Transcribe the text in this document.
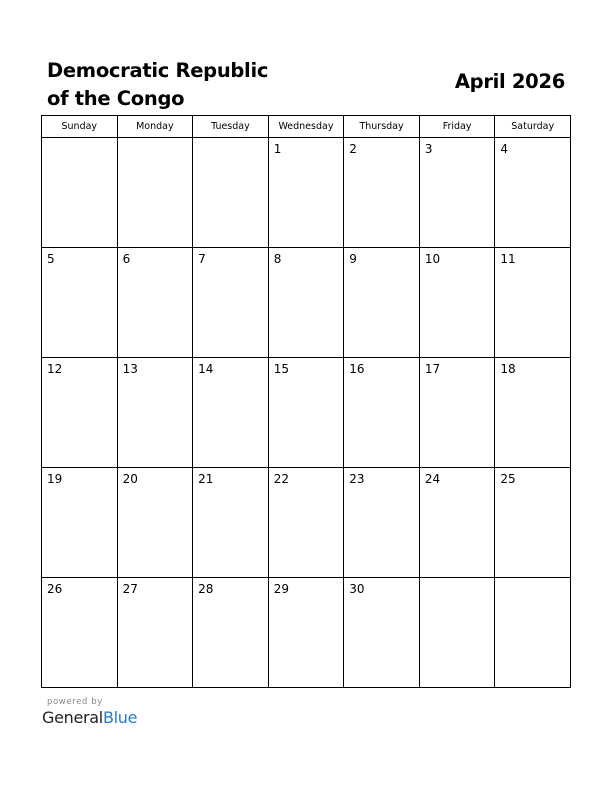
Democratic Republic
of the Congo
April 2026
Sunday	Monday	Tuesday	Wednesday	Thursday	Friday	Saturday

			1	2	3	4

5	6	7	8	9	10	11

12	13	14	15	16	17	18

19	20	21	22	23	24	25

26	27	28	29	30		

powered by
GeneralBlue
